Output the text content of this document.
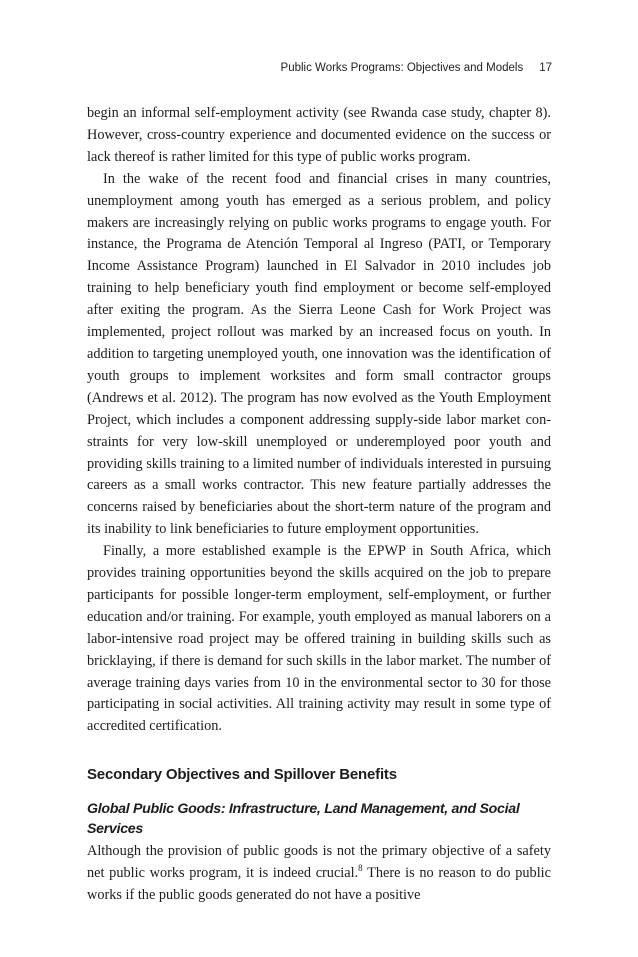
Public Works Programs: Objectives and Models 17

begin an informal self-employment activity (see Rwanda case study, chapter 8). However, cross-country experience and documented evidence on the success or lack thereof is rather limited for this type of public works program.

In the wake of the recent food and financial crises in many countries, unemployment among youth has emerged as a serious problem, and policy makers are increasingly relying on public works programs to engage youth. For instance, the Programa de Atención Temporal al Ingreso (PATI, or Temporary Income Assistance Program) launched in El Salvador in 2010 includes job training to help beneficiary youth find employment or become self-employed after exiting the program. As the Sierra Leone Cash for Work Project was implemented, project rollout was marked by an increased focus on youth. In addition to targeting unemployed youth, one innovation was the identification of youth groups to implement worksites and form small contractor groups (Andrews et al. 2012). The program has now evolved as the Youth Employment Project, which includes a component addressing supply-side labor market constraints for very low-skill unemployed or underemployed poor youth and providing skills training to a limited number of individuals interested in pursuing careers as a small works contractor. This new feature partially addresses the concerns raised by beneficiaries about the short-term nature of the program and its inability to link beneficiaries to future employment opportunities.

Finally, a more established example is the EPWP in South Africa, which provides training opportunities beyond the skills acquired on the job to prepare participants for possible longer-term employment, self-employment, or further education and/or training. For example, youth employed as manual laborers on a labor-intensive road project may be offered training in building skills such as bricklaying, if there is demand for such skills in the labor market. The number of average training days varies from 10 in the environmental sector to 30 for those participating in social activities. All training activity may result in some type of accredited certification.

Secondary Objectives and Spillover Benefits
Global Public Goods: Infrastructure, Land Management, and Social Services

Although the provision of public goods is not the primary objective of a safety net public works program, it is indeed crucial.$^8$ There is no reason to do public works if the public goods generated do not have a positive
